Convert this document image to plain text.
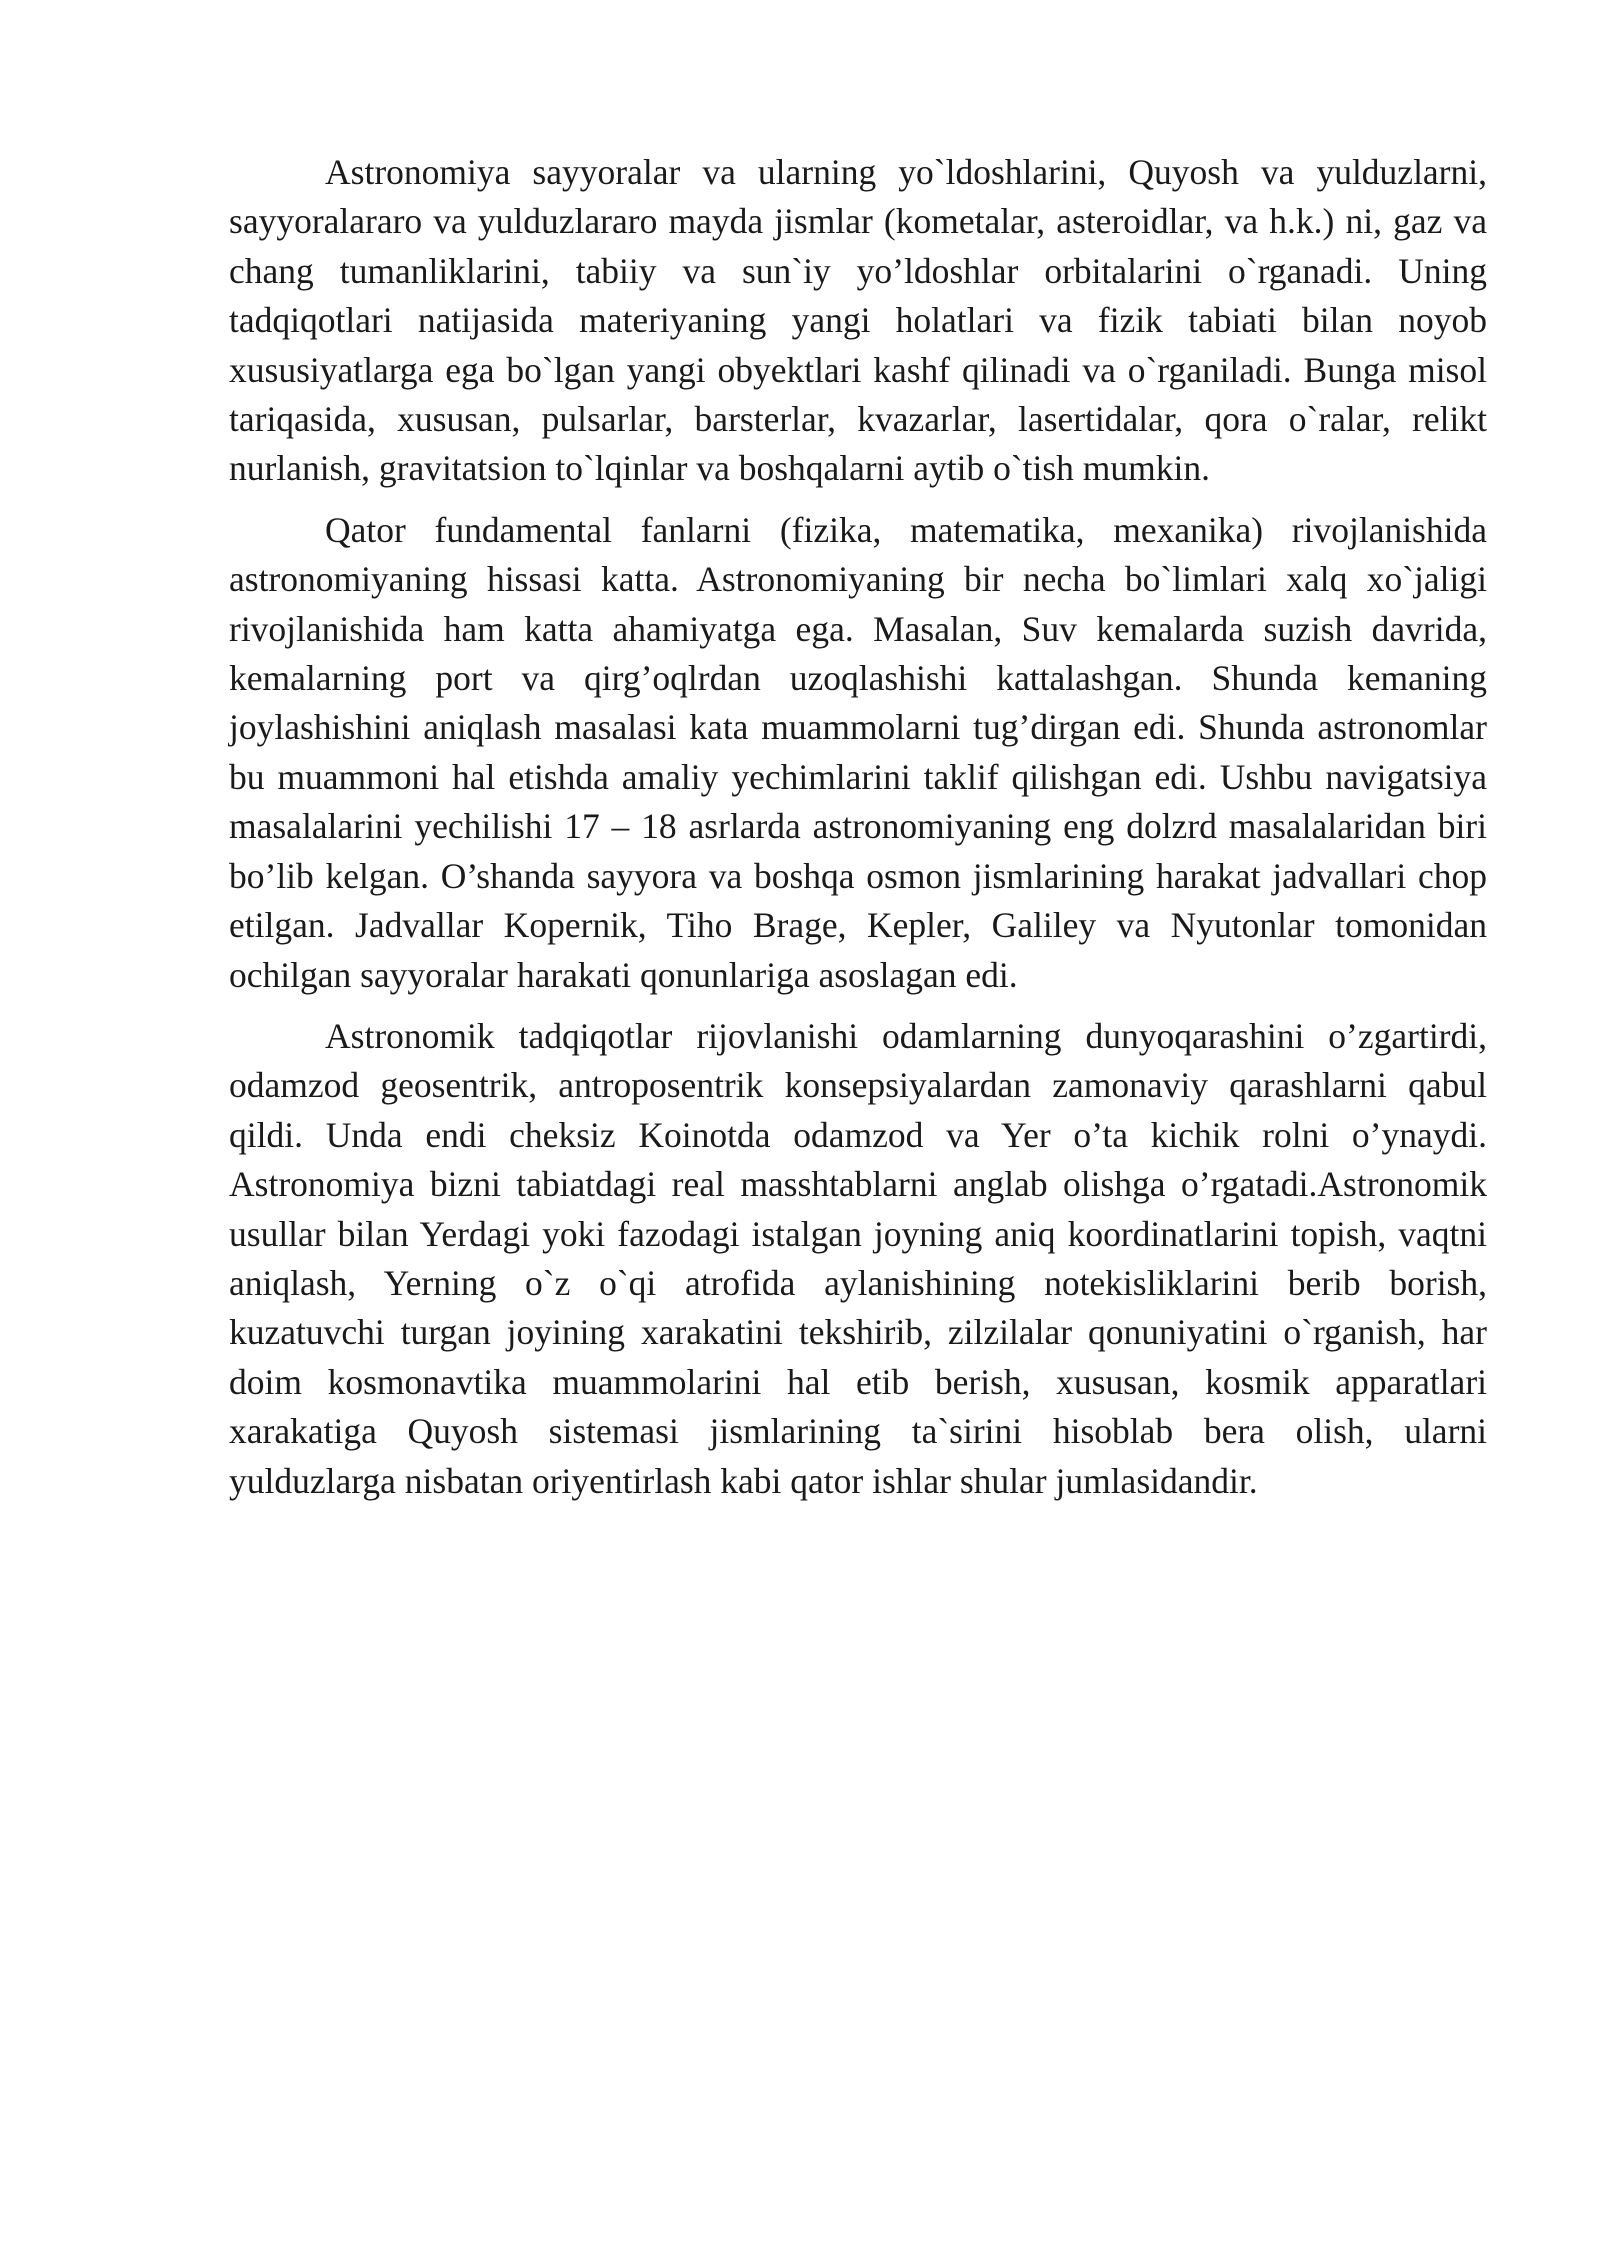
Astronomiya sayyoralar va ularning yo`ldoshlarini, Quyosh va yulduzlarni, sayyoralararo va yulduzlararo mayda jismlar (kometalar, asteroidlar, va h.k.) ni, gaz va chang tumanliklarini, tabiiy va sun`iy yo’ldoshlar orbitalarini o`rganadi. Uning tadqiqotlari natijasida materiyaning yangi holatlari va fizik tabiati bilan noyob xususiyatlarga ega bo`lgan yangi obyektlari kashf qilinadi va o`rganiladi. Bunga misol tariqasida, xususan, pulsarlar, barsterlar, kvazarlar, lasertidalar, qora o`ralar, relikt nurlanish, gravitatsion to`lqinlar va boshqalarni aytib o`tish mumkin.

Qator fundamental fanlarni (fizika, matematika, mexanika) rivojlanishida astronomiyaning hissasi katta. Astronomiyaning bir necha bo`limlari xalq xo`jaligi rivojlanishida ham katta ahamiyatga ega. Masalan, Suv kemalarda suzish davrida, kemalarning port va qirg’oqlrdan uzoqlashishi kattalashgan. Shunda kemaning joylashishini aniqlash masalasi kata muammolarni tug’dirgan edi. Shunda astronomlar bu muammoni hal etishda amaliy yechimlarini taklif qilishgan edi. Ushbu navigatsiya masalalarini yechilishi 17 – 18 asrlarda astronomiyaning eng dolzrd masalalaridan biri bo’lib kelgan. O’shanda sayyora va boshqa osmon jismlarining harakat jadvallari chop etilgan. Jadvallar Kopernik, Tiho Brage, Kepler, Galiley va Nyutonlar tomonidan ochilgan sayyoralar harakati qonunlariga asoslagan edi.

Astronomik tadqiqotlar rijovlanishi odamlarning dunyoqarashini o’zgartirdi, odamzod geosentrik, antroposentrik konsepsiyalardan zamonaviy qarashlarni qabul qildi. Unda endi cheksiz Koinotda odamzod va Yer o’ta kichik rolni o’ynaydi. Astronomiya bizni tabiatdagi real masshtablarni anglab olishga o’rgatadi.Astronomik usullar bilan Yerdagi yoki fazodagi istalgan joyning aniq koordinatlarini topish, vaqtni aniqlash, Yerning o`z o`qi atrofida aylanishining notekisliklarini berib borish, kuzatuvchi turgan joyining xarakatini tekshirib, zilzilalar qonuniyatini o`rganish, har doim kosmonavtika muammolarini hal etib berish, xususan, kosmik apparatlari xarakatiga Quyosh sistemasi jismlarining ta`sirini hisoblab bera olish, ularni yulduzlarga nisbatan oriyentirlash kabi qator ishlar shular jumlasidandir.
